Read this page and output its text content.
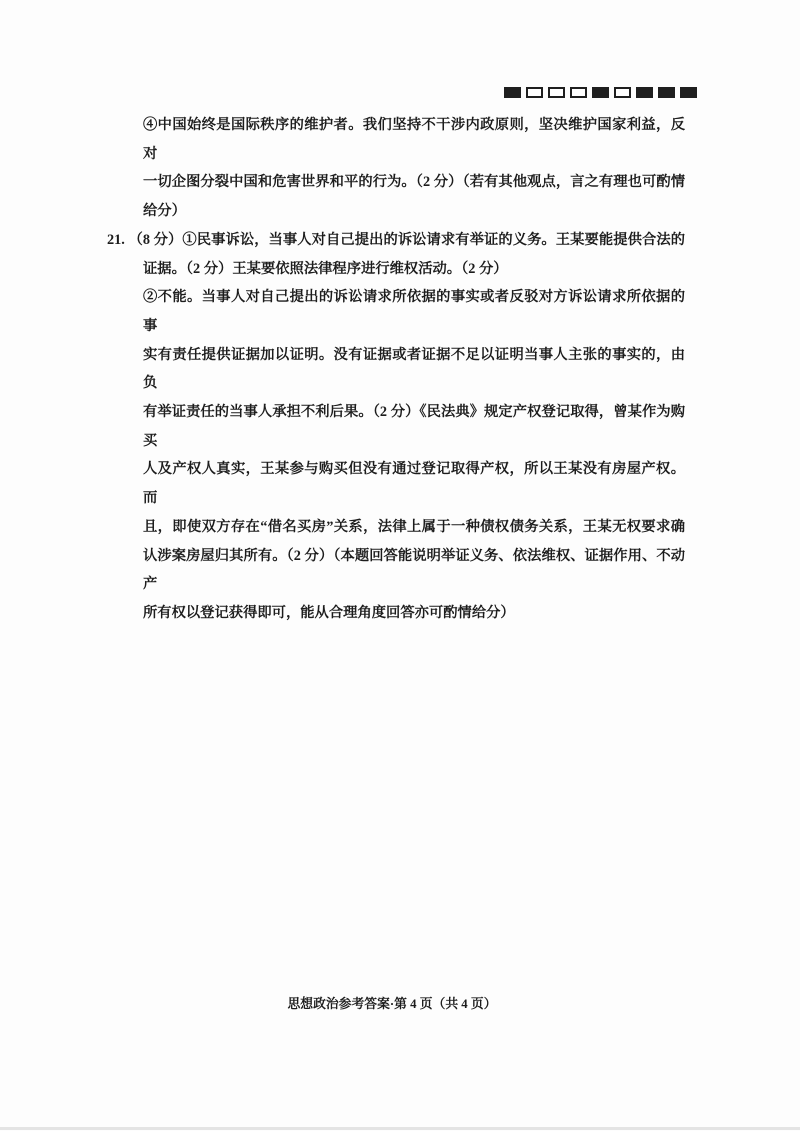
④中国始终是国际秩序的维护者。我们坚持不干涉内政原则，坚决维护国家利益，反对
一切企图分裂中国和危害世界和平的行为。（2 分）（若有其他观点，言之有理也可酌情
给分）
21. （8 分）①民事诉讼，当事人对自己提出的诉讼请求有举证的义务。王某要能提供合法的
证据。（2 分）王某要依照法律程序进行维权活动。（2 分）
②不能。当事人对自己提出的诉讼请求所依据的事实或者反驳对方诉讼请求所依据的事
实有责任提供证据加以证明。没有证据或者证据不足以证明当事人主张的事实的，由负
有举证责任的当事人承担不利后果。（2 分）《民法典》规定产权登记取得，曾某作为购买
人及产权人真实，王某参与购买但没有通过登记取得产权，所以王某没有房屋产权。而
且，即使双方存在“借名买房”关系，法律上属于一种债权债务关系，王某无权要求确
认涉案房屋归其所有。（2 分）（本题回答能说明举证义务、依法维权、证据作用、不动产
所有权以登记获得即可，能从合理角度回答亦可酌情给分）
思想政治参考答案·第 4 页（共 4 页）
